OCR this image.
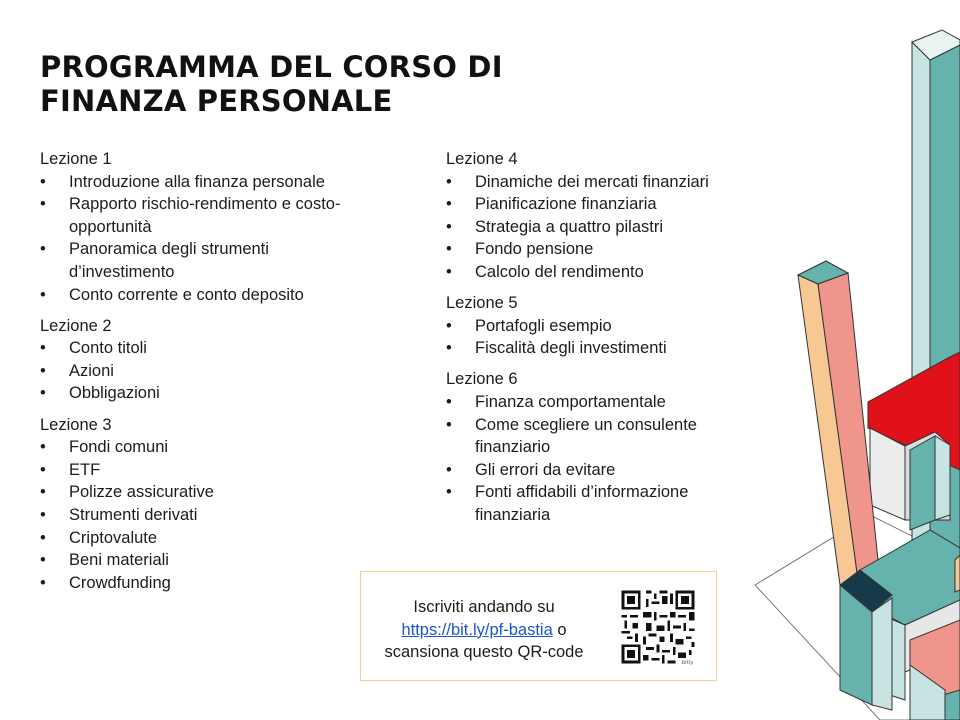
PROGRAMMA DEL CORSO DI
FINANZA PERSONALE
Lezione 1
• Introduzione alla finanza personale
• Rapporto rischio-rendimento e costo-opportunità
• Panoramica degli strumenti d’investimento
• Conto corrente e conto deposito
Lezione 2
• Conto titoli
• Azioni
• Obbligazioni
Lezione 3
• Fondi comuni
• ETF
• Polizze assicurative
• Strumenti derivati
• Criptovalute
• Beni materiali
• Crowdfunding
Lezione 4
• Dinamiche dei mercati finanziari
• Pianificazione finanziaria
• Strategia a quattro pilastri
• Fondo pensione
• Calcolo del rendimento
Lezione 5
• Portafogli esempio
• Fiscalità degli investimenti
Lezione 6
• Finanza comportamentale
• Come scegliere un consulente finanziario
• Gli errori da evitare
• Fonti affidabili d’informazione finanziaria
Iscriviti andando su
https://bit.ly/pf-bastia o
scansiona questo QR-code
bitly
